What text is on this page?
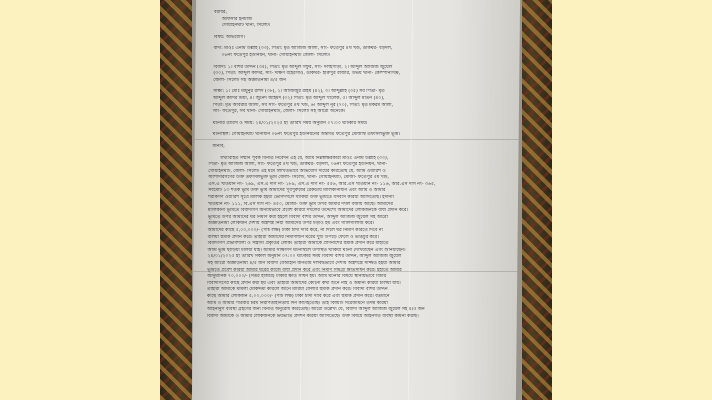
বরাবর,
অফিসার ইনচার্জ
গোয়াইনঘাট থানা, সিলেট।
বিষয়: অভিযোগ।
বাদী: মাওঃ এনাম উল্লাহ (৩৩), পিতা: মৃত আজিজ আলী, সাং- ফতেপুর ৪র্থ খন্ড, ডাকঘর- বড়দল,
০৬নং ফতেপুর ইউনিয়ন, থানা- গোয়াইনঘাট জেলা- সিলেট।
বিবাদী: ১। বশির উদ্দিন (৩৫), পিতা: মৃত আব্দুল গফুর, সাং- দলইপাড়া, ২। আব্দুল আজিজ জুয়েল
(৩০), পিতা: আব্দুল কাদির, সাং- দক্ষিণ বহেরগাঁও, ডাকঘর- হারুপুর বাজার, উভয় থানা- কোম্পানীগঞ্জ,
জেলা- সিলেট সহ অজ্ঞাতনামা ৪/৫ জন
সাক্ষী: ১। মোঃ মামুনুর রশিদ (৩৮), ২। আজিজুর রহিম (৪২), ৩। আব্দুল্লাহ (৩৫) সর্ব পিতা- মৃত
আব্দুল কাদির মিয়া, ৪। জুনেদ আহমদ (৩২) পিতা: মৃত আব্দুল খালেক, ৫। আব্দুল মতিন (৪০),
পিতা: মৃত আবরার আলী, সর্ব সাং- ফতেপুর ৪র্থ খন্ড, ৬। আব্দুল নূর (৭০), পিতা: মৃত মকরম আলী,
সাং- ফতেপুর, সর্ব থানা- গোয়াইনঘাট, জেলা- সিলেট সহ আরো অনেকে।
ঘটনার তারিখ ও সময়: ২৪/০১/২০২৫ ইং তারিখ সময় অনুমান ০৭:০০ ঘটিকার সময়।
ঘটনাস্থল: গোয়াইনঘাট থানাধীন ০৬নং ফতেপুর ইউনিয়নের অন্তর্গত ফতেপুর মৌজাস্থ তফসিলভুক্ত ভূমি।
জনাব,
যথাবিহিত সম্মান পূর্বক বিনীত নিবেদন এই যে, আমি নিম্নস্বাক্ষরকারী মাওঃ এনাম উল্লাহ (৩৩),
পিতা- মৃত আজিজ আলী, সাং- ফতেপুর ৪র্থ খন্ড, ডাকঘর- বড়দল, ০৬নং ফতেপুর ইউনিয়ন, থানা-
গোয়াইনঘাট, জেলা- সিলেট এই মর্মে লিখিতভাবে অভিযোগ দায়ের করিতেছি যে, আমি ওয়ারিশ ও
অংশীদারগণের উক্ত তফসিলভুক্ত ভূমি জেলা- সিলেট, থানা- গোয়াইনঘাট, মৌজা- ফতেপুর ৫ম খন্ড,
এস.এ খতিয়ান নং- ২৬৯, এস.এ দাগ নং- ১৮৯, এস.এ দাগ নং- ৫৫৬, আর.এস খতিয়ান নং- ১১৬, আর.এস দাগ নং- ৩৬৫,
সর্বমোট ১৩ শতক ভূমি উক্ত ভূমি আমাদের পূর্বপুরুষের রেকর্ডীয় মালিকানাধীন এবং আমি ও আমার
শরীকগণ ওয়ারিশ সূত্রে মালিক হইয়া ভোগদখলে থাকিয়া উক্ত ভূমিতে বসবাস করিয়া আসিতেছি। ইদানীং
খতিয়ান নং- ১১১, বি.এস দাগ নং- ৪৫০, মৌজা- উক্ত ভূমি উপর আমার দখল বজায় আছে। আমাদের
মালিকানা ভূমিতে বিবাদীগণ অন্যায়ভাবে প্রবেশ করিয়া দখলের উদ্দেশ্যে আমাদের লোকজনকে বাধা প্রদান করে।
ভূমিতে উপর আমাদের ঘর নির্মাণ করা হইলে বিবাদী বশির উদ্দিন, আব্দুল আজিজ জুয়েল সহ আরো
অজ্ঞাতনামা লোকজন দেশীয় অস্ত্রশস্ত্র নিয়া আমাদের উপর চড়াও হয় এবং গালিগালাজ করে।
আমাদের কাছে ৫,০০,০০০/- (পাঁচ লক্ষ) টাকা চাঁদা দাবি করে, না দিলে ঘর নির্মাণ করিতে দিবে না
বলিয়া হুমকি প্রদান করে। তাহারা আমাদের নির্মাণাধীন ঘরের খুঁটি উপড়ে ফেলে ও ভাঙচুর করে।
বিবাদীগণ প্রভাবশালী ও সন্ত্রাসী প্রকৃতির লোক। তাহারা আমাকে প্রাণনাশের হুমকি প্রদান করে যাহাতে
আমি ভূমি ছাড়িয়া চলিয়া যাই। আমার সাক্ষীগণ ঘটনাস্থলে উপস্থিত থাকিয়া ঘটনা দেখিয়াছেন এবং শুনিয়াছেন।
২৪/০১/২০২৫ ইং তারিখ সকাল অনুমান ০৭:০০ ঘটিকার সময় বিবাদী বশির উদ্দিন, আব্দুল আজিজ জুয়েল
সহ আরো অজ্ঞাতনামা ৪/৫ জন বিবাদী বেআইনি জনতায় দলবদ্ধভাবে দেশীয় অস্ত্রশস্ত্রে সজ্জিত হইয়া আমার
ভূমিতে প্রবেশ করিয়া আমার ঘরের কাজে বাধা প্রদান করে এবং নির্মাণ সামগ্রী ক্ষতিসাধন করে। ইহাতে আমার
আনুমানিক ৭০,০০০/- (সত্তর হাজার) টাকার ক্ষতি সাধন হয়। আমি ঘটনার বিষয়ে স্থানীয়ভাবে বিচার
বিবাদীগণের কাছে প্রদান করা হয় এবং তাহারা আমাদের কোনো কথা শুনে নাই ও অমান্য করিয়া চলিয়া যায়।
তাহারা আমাকে মামলা মোকদ্দমা করিলে জানে মারিয়া ফেলার হুমকি প্রদান করে। বিবাদী বশির উদ্দিন
কাছে আমার লোকজন ৫,০০,০০০/- (পাঁচ লক্ষ) টাকা চাঁদা দাবি করে এবং হুমকি প্রদান করে। বর্তমানে
আমি ও আমার পরিবার চরম নিরাপত্তাহীনতায় দিন কাটাইতেছি। তাই বিষয়টি সরেজমিনে তদন্ত করিয়া
আইনানুগ ব্যবস্থা গ্রহণের জন্য বিনীত অনুরোধ করিতেছি। আরো উল্লেখ্য যে, বিবাদী আব্দুল আজিজ জুয়েল সহ ৪/৫ জন
বিবাদী আমাকে ও আমার লোকজনকে ভয়ভীতি প্রদর্শন করিয়া আসিতেছে। উক্ত বিষয়ে আইনগত ব্যবস্থা কামনা করছি।
